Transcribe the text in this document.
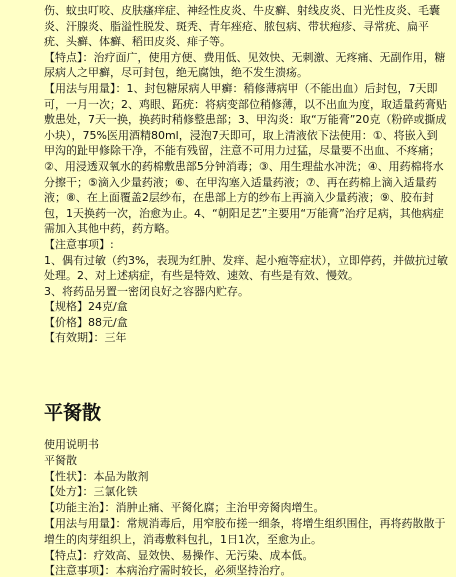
伤、蚊虫叮咬、皮肤瘙痒症、神经性皮炎、牛皮癣、射线皮炎、日光性皮炎、毛囊炎、汗腺炎、脂溢性脱发、斑秃、青年痤疮、脓包病、带状疱疹、寻常疣、扁平疣、头癣、体癣、稻田皮炎、痱子等。

【特点】：治疗面广，使用方便、费用低、见效快、无刺激、无疼痛、无副作用，糖尿病人之甲癣，尽可封包，绝无腐蚀，绝不发生溃疡。

【用法与用量】：1、封包糖尿病人甲癣：稍修薄病甲（不能出血）后封包，7天即可，一月一次；2、鸡眼、跖疣：将病变部位稍修薄，以不出血为度，取适量药膏贴敷患处，7天一换，换药时稍修整患部；3、甲沟炎：取“万能膏”20克（粉碎或撕成小块），75%医用酒精80ml，浸泡7天即可，取上清液依下法使用：①、将嵌入到甲沟的趾甲修除干净，不能有残留，注意不可用力过猛，尽量要不出血、不疼痛；②、用浸透双氧水的药棉敷患部5分钟消毒；③、用生理盐水冲洗；④、用药棉将水分擦干；⑤滴入少量药液；⑥、在甲沟塞入适量药液；⑦、再在药棉上滴入适量药液；⑧、在上面覆盖2层纱布，在患部上方的纱布上再滴入少量药液；⑨、胶布封包，1天换药一次，治愈为止。4、“朝阳足艺”主要用“万能膏”治疗足病，其他病症需加入其他中药，药方略。

【注意事项】:

1、偶有过敏（约3%，表现为红肿、发痒、起小疱等症状），立即停药，并做抗过敏处理。2、对上述病症，有些是特效、速效、有些是有效、慢效。
3、将药品另置一密闭良好之容器内贮存。

【规格】24克/盒

【价格】88元/盒

【有效期】：三年

平胬散

使用说明书

平胬散

【性状】：本品为散剂

【处方】：三氯化铁

【功能主治】：消肿止痛、平胬化腐；主治甲旁胬肉增生。

【用法与用量】：常规消毒后，用窄胶布搓一细条，将增生组织围住，再将药散散于增生的肉芽组织上，消毒敷料包扎，1日1次，至愈为止。

【特点】：疗效高、显效快、易操作、无污染、成本低。

【注意事项】：本病治疗需时较长，必须坚持治疗。
